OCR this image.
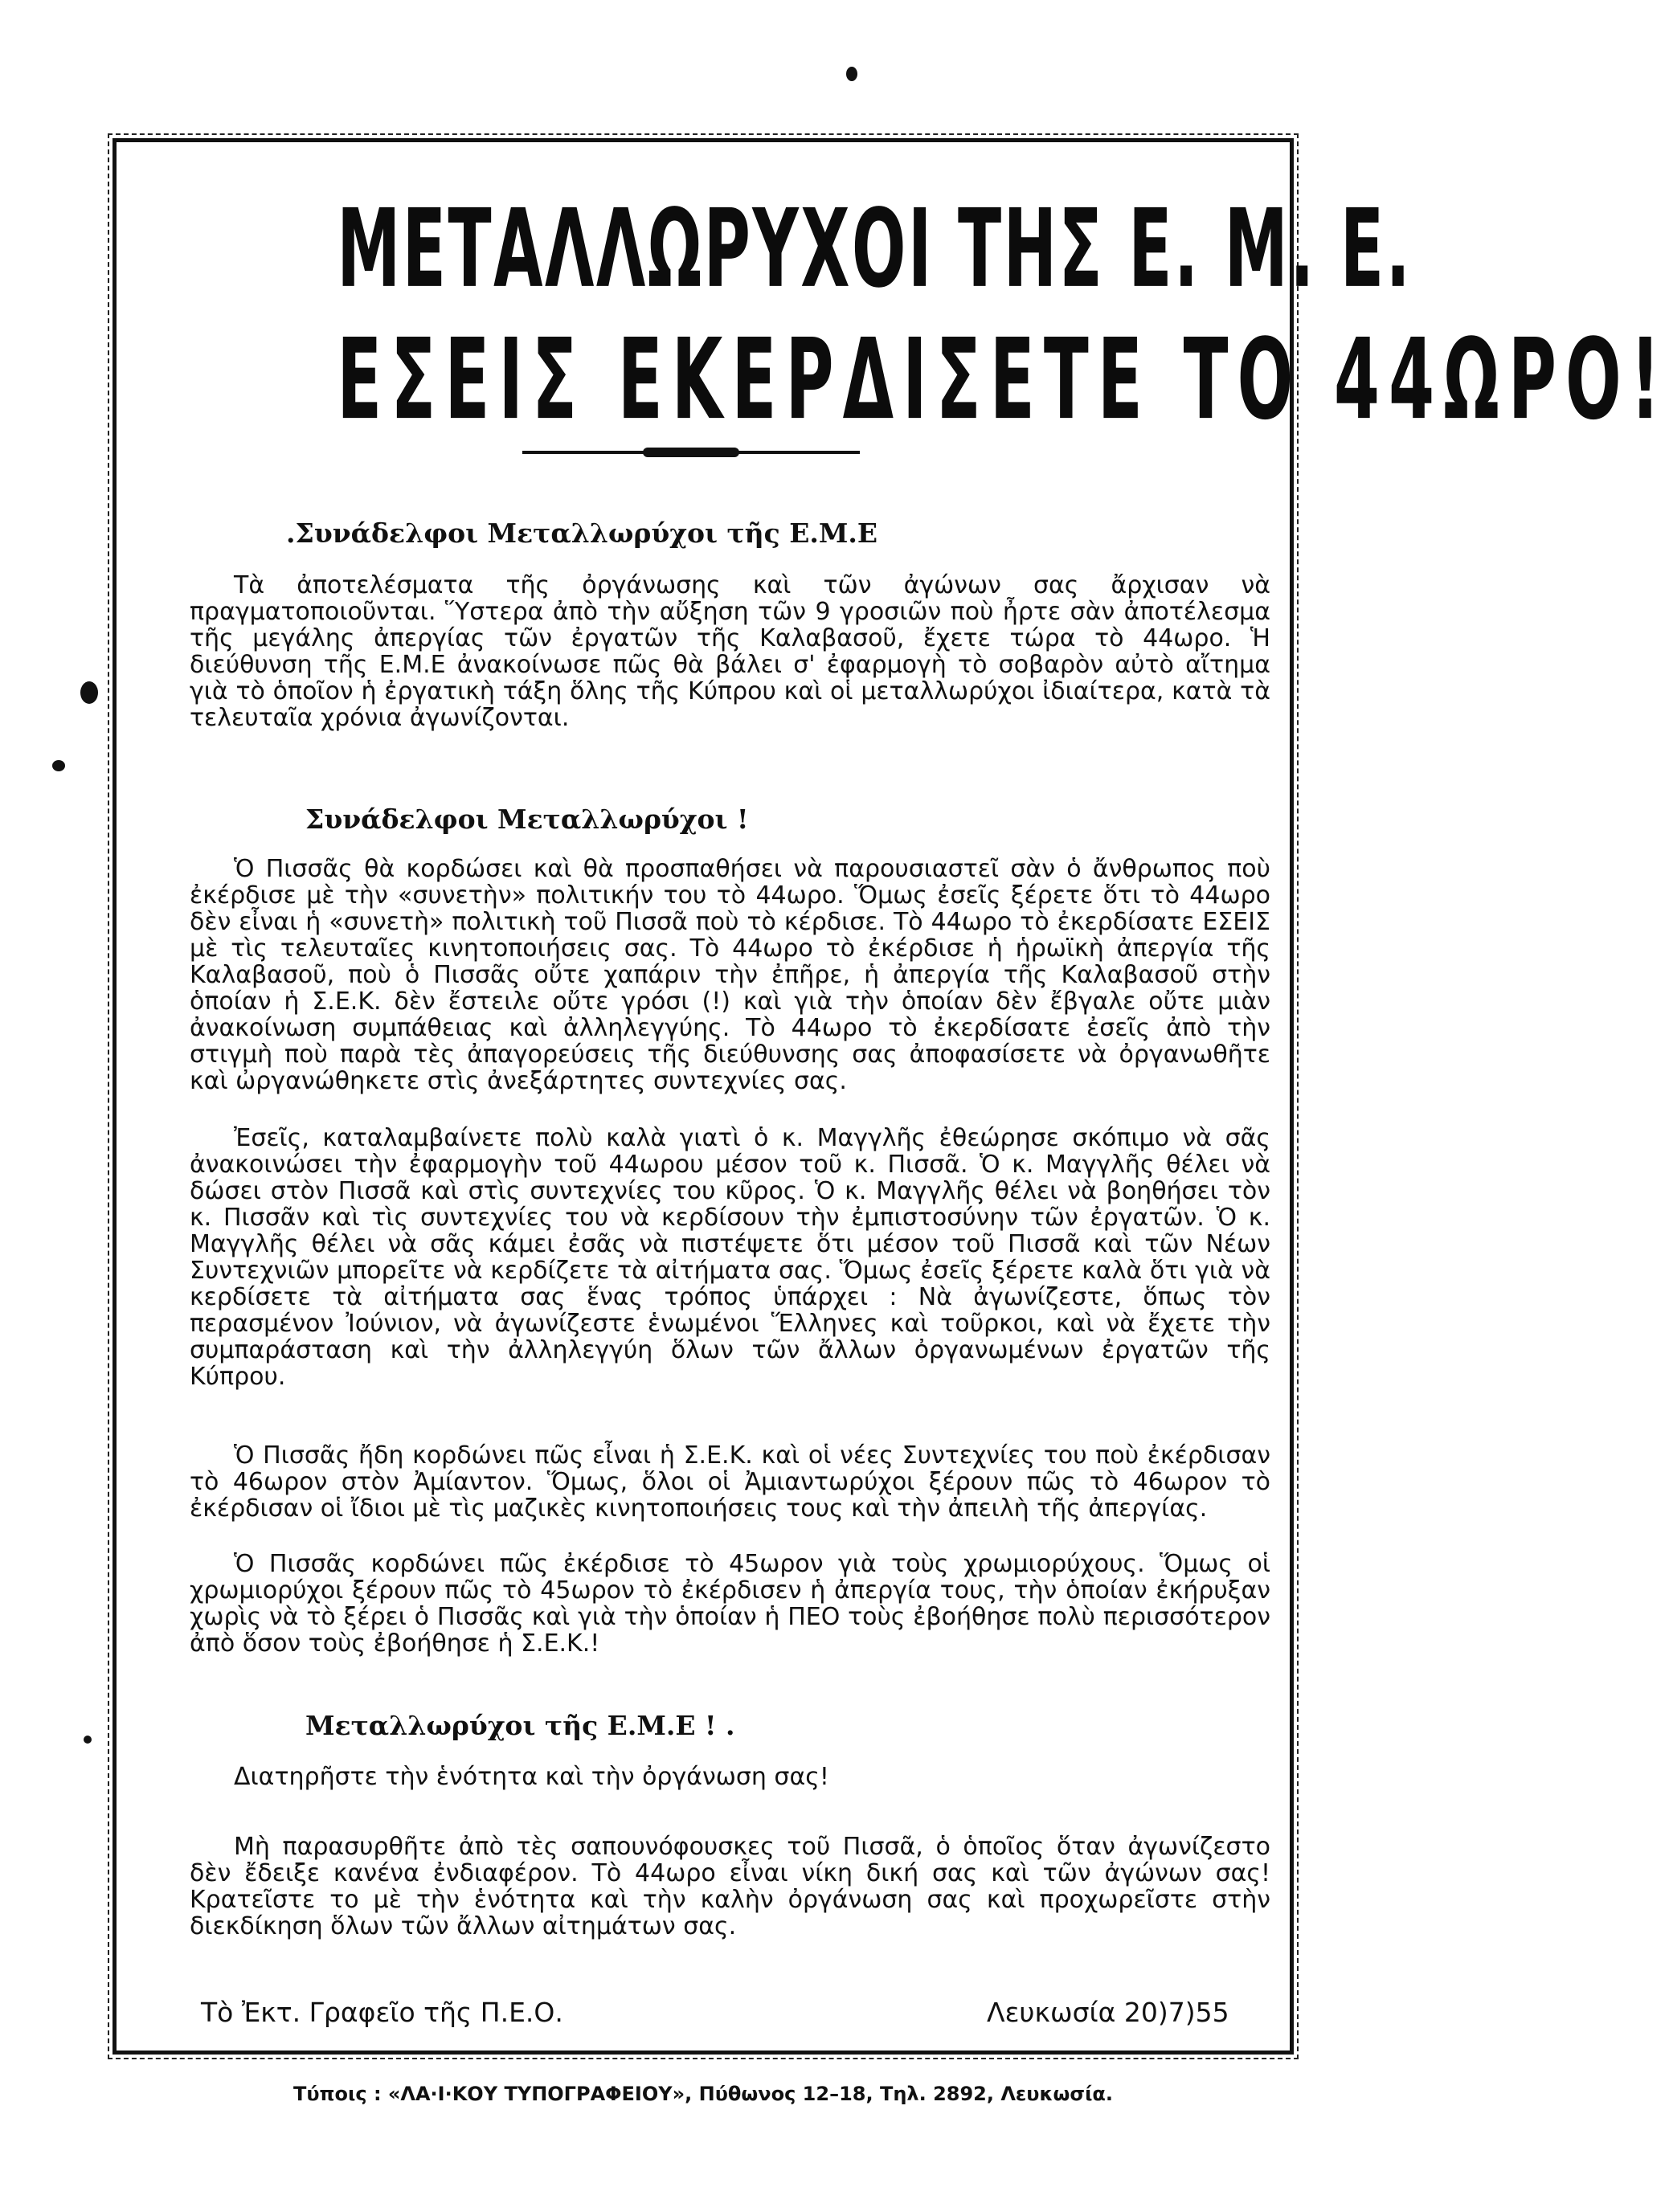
ΜΕΤΑΛΛΩΡΥΧΟΙ ΤΗΣ Ε. Μ. Ε.
ΕΣΕΙΣ ΕΚΕΡΔΙΣΕΤΕ ΤΟ 44ΩΡΟ!

.Συνάδελφοι Μεταλλωρύχοι τῆς Ε.Μ.Ε

Τὰ ἀποτελέσματα τῆς ὀργάνωσης καὶ τῶν ἀγώνων σας ἄρχισαν νὰ πραγματοποιοῦνται. Ὕστερα ἀπὸ τὴν αὔξηση τῶν 9 γροσιῶν ποὺ ἦρτε σὰν ἀποτέλεσμα τῆς μεγάλης ἀπεργίας τῶν ἐργατῶν τῆς Καλαβασοῦ, ἔχετε τώρα τὸ 44ωρο. Ἡ διεύθυνση τῆς Ε.Μ.Ε ἀνακοίνωσε πῶς θὰ βάλει σ' ἐφαρμογὴ τὸ σοβαρὸν αὐτὸ αἴτημα γιὰ τὸ ὁποῖον ἡ ἐργατικὴ τάξη ὅλης τῆς Κύπρου καὶ οἱ μεταλλωρύχοι ἰδιαίτερα, κατὰ τὰ τελευταῖα χρόνια ἀγωνίζονται.

Συνάδελφοι Μεταλλωρύχοι !

Ὁ Πισσᾶς θὰ κορδώσει καὶ θὰ προσπαθήσει νὰ παρουσιαστεῖ σὰν ὁ ἄνθρωπος ποὺ ἐκέρδισε μὲ τὴν «συνετὴν» πολιτικήν του τὸ 44ωρο. Ὅμως ἐσεῖς ξέρετε ὅτι τὸ 44ωρο δὲν εἶναι ἡ «συνετὴ» πολιτικὴ τοῦ Πισσᾶ ποὺ τὸ κέρδισε. Τὸ 44ωρο τὸ ἐκερδίσατε ΕΣΕΙΣ μὲ τὶς τελευταῖες κινητοποιήσεις σας. Τὸ 44ωρο τὸ ἐκέρδισε ἡ ἡρωϊκὴ ἀπεργία τῆς Καλαβασοῦ, ποὺ ὁ Πισσᾶς οὔτε χαπάριν τὴν ἐπῆρε, ἡ ἀπεργία τῆς Καλαβασοῦ στὴν ὁποίαν ἡ Σ.Ε.Κ. δὲν ἔστειλε οὔτε γρόσι (!) καὶ γιὰ τὴν ὁποίαν δὲν ἔβγαλε οὔτε μιὰν ἀνακοίνωση συμπάθειας καὶ ἀλληλεγγύης. Τὸ 44ωρο τὸ ἐκερδίσατε ἐσεῖς ἀπὸ τὴν στιγμὴ ποὺ παρὰ τὲς ἀπαγορεύσεις τῆς διεύθυνσης σας ἀποφασίσετε νὰ ὀργανωθῆτε καὶ ὠργανώθηκετε στὶς ἀνεξάρτητες συντεχνίες σας.

Ἐσεῖς, καταλαμβαίνετε πολὺ καλὰ γιατὶ ὁ κ. Μαγγλῆς ἐθεώρησε σκόπιμο νὰ σᾶς ἀνακοινώσει τὴν ἐφαρμογὴν τοῦ 44ωρου μέσον τοῦ κ. Πισσᾶ. Ὁ κ. Μαγγλῆς θέλει νὰ δώσει στὸν Πισσᾶ καὶ στὶς συντεχνίες του κῦρος. Ὁ κ. Μαγγλῆς θέλει νὰ βοηθήσει τὸν κ. Πισσᾶν καὶ τὶς συντεχνίες του νὰ κερδίσουν τὴν ἐμπιστοσύνην τῶν ἐργατῶν. Ὁ κ. Μαγγλῆς θέλει νὰ σᾶς κάμει ἐσᾶς νὰ πιστέψετε ὅτι μέσον τοῦ Πισσᾶ καὶ τῶν Νέων Συντεχνιῶν μπορεῖτε νὰ κερδίζετε τὰ αἰτήματα σας. Ὅμως ἐσεῖς ξέρετε καλὰ ὅτι γιὰ νὰ κερδίσετε τὰ αἰτήματα σας ἕνας τρόπος ὑπάρχει : Νὰ ἀγωνίζεστε, ὅπως τὸν περασμένον Ἰούνιον, νὰ ἀγωνίζεστε ἑνωμένοι Ἕλληνες καὶ τοῦρκοι, καὶ νὰ ἔχετε τὴν συμπαράσταση καὶ τὴν ἀλληλεγγύη ὅλων τῶν ἄλλων ὀργανωμένων ἐργατῶν τῆς Κύπρου.

Ὁ Πισσᾶς ἤδη κορδώνει πῶς εἶναι ἡ Σ.Ε.Κ. καὶ οἱ νέες Συντεχνίες του ποὺ ἐκέρδισαν τὸ 46ωρον στὸν Ἀμίαντον. Ὅμως, ὅλοι οἱ Ἀμιαντωρύχοι ξέρουν πῶς τὸ 46ωρον τὸ ἐκέρδισαν οἱ ἴδιοι μὲ τὶς μαζικὲς κινητοποιήσεις τους καὶ τὴν ἀπειλὴ τῆς ἀπεργίας.

Ὁ Πισσᾶς κορδώνει πῶς ἐκέρδισε τὸ 45ωρον γιὰ τοὺς χρωμιορύχους. Ὅμως οἱ χρωμιορύχοι ξέρουν πῶς τὸ 45ωρον τὸ ἐκέρδισεν ἡ ἀπεργία τους, τὴν ὁποίαν ἐκήρυξαν χωρὶς νὰ τὸ ξέρει ὁ Πισσᾶς καὶ γιὰ τὴν ὁποίαν ἡ ΠΕΟ τοὺς ἐβοήθησε πολὺ περισσότερον ἀπὸ ὅσον τοὺς ἐβοήθησε ἡ Σ.Ε.Κ.!

Μεταλλωρύχοι τῆς Ε.Μ.Ε ! .

Διατηρῆστε τὴν ἑνότητα καὶ τὴν ὀργάνωση σας!

Μὴ παρασυρθῆτε ἀπὸ τὲς σαπουνόφουσκες τοῦ Πισσᾶ, ὁ ὁποῖος ὅταν ἀγωνίζεστο δὲν ἔδειξε κανένα ἐνδιαφέρον. Τὸ 44ωρο εἶναι νίκη δική σας καὶ τῶν ἀγώνων σας! Κρατεῖστε το μὲ τὴν ἑνότητα καὶ τὴν καλὴν ὀργάνωση σας καὶ προχωρεῖστε στὴν διεκδίκηση ὅλων τῶν ἄλλων αἰτημάτων σας.

Τὸ Ἐκτ. Γραφεῖο τῆς Π.Ε.Ο.	Λευκωσία 20)7)55

Τύποις : «ΛΑ·Ι·ΚΟΥ ΤΥΠΟΓΡΑΦΕΙΟΥ», Πύθωνος 12–18, Τηλ. 2892, Λευκωσία.
